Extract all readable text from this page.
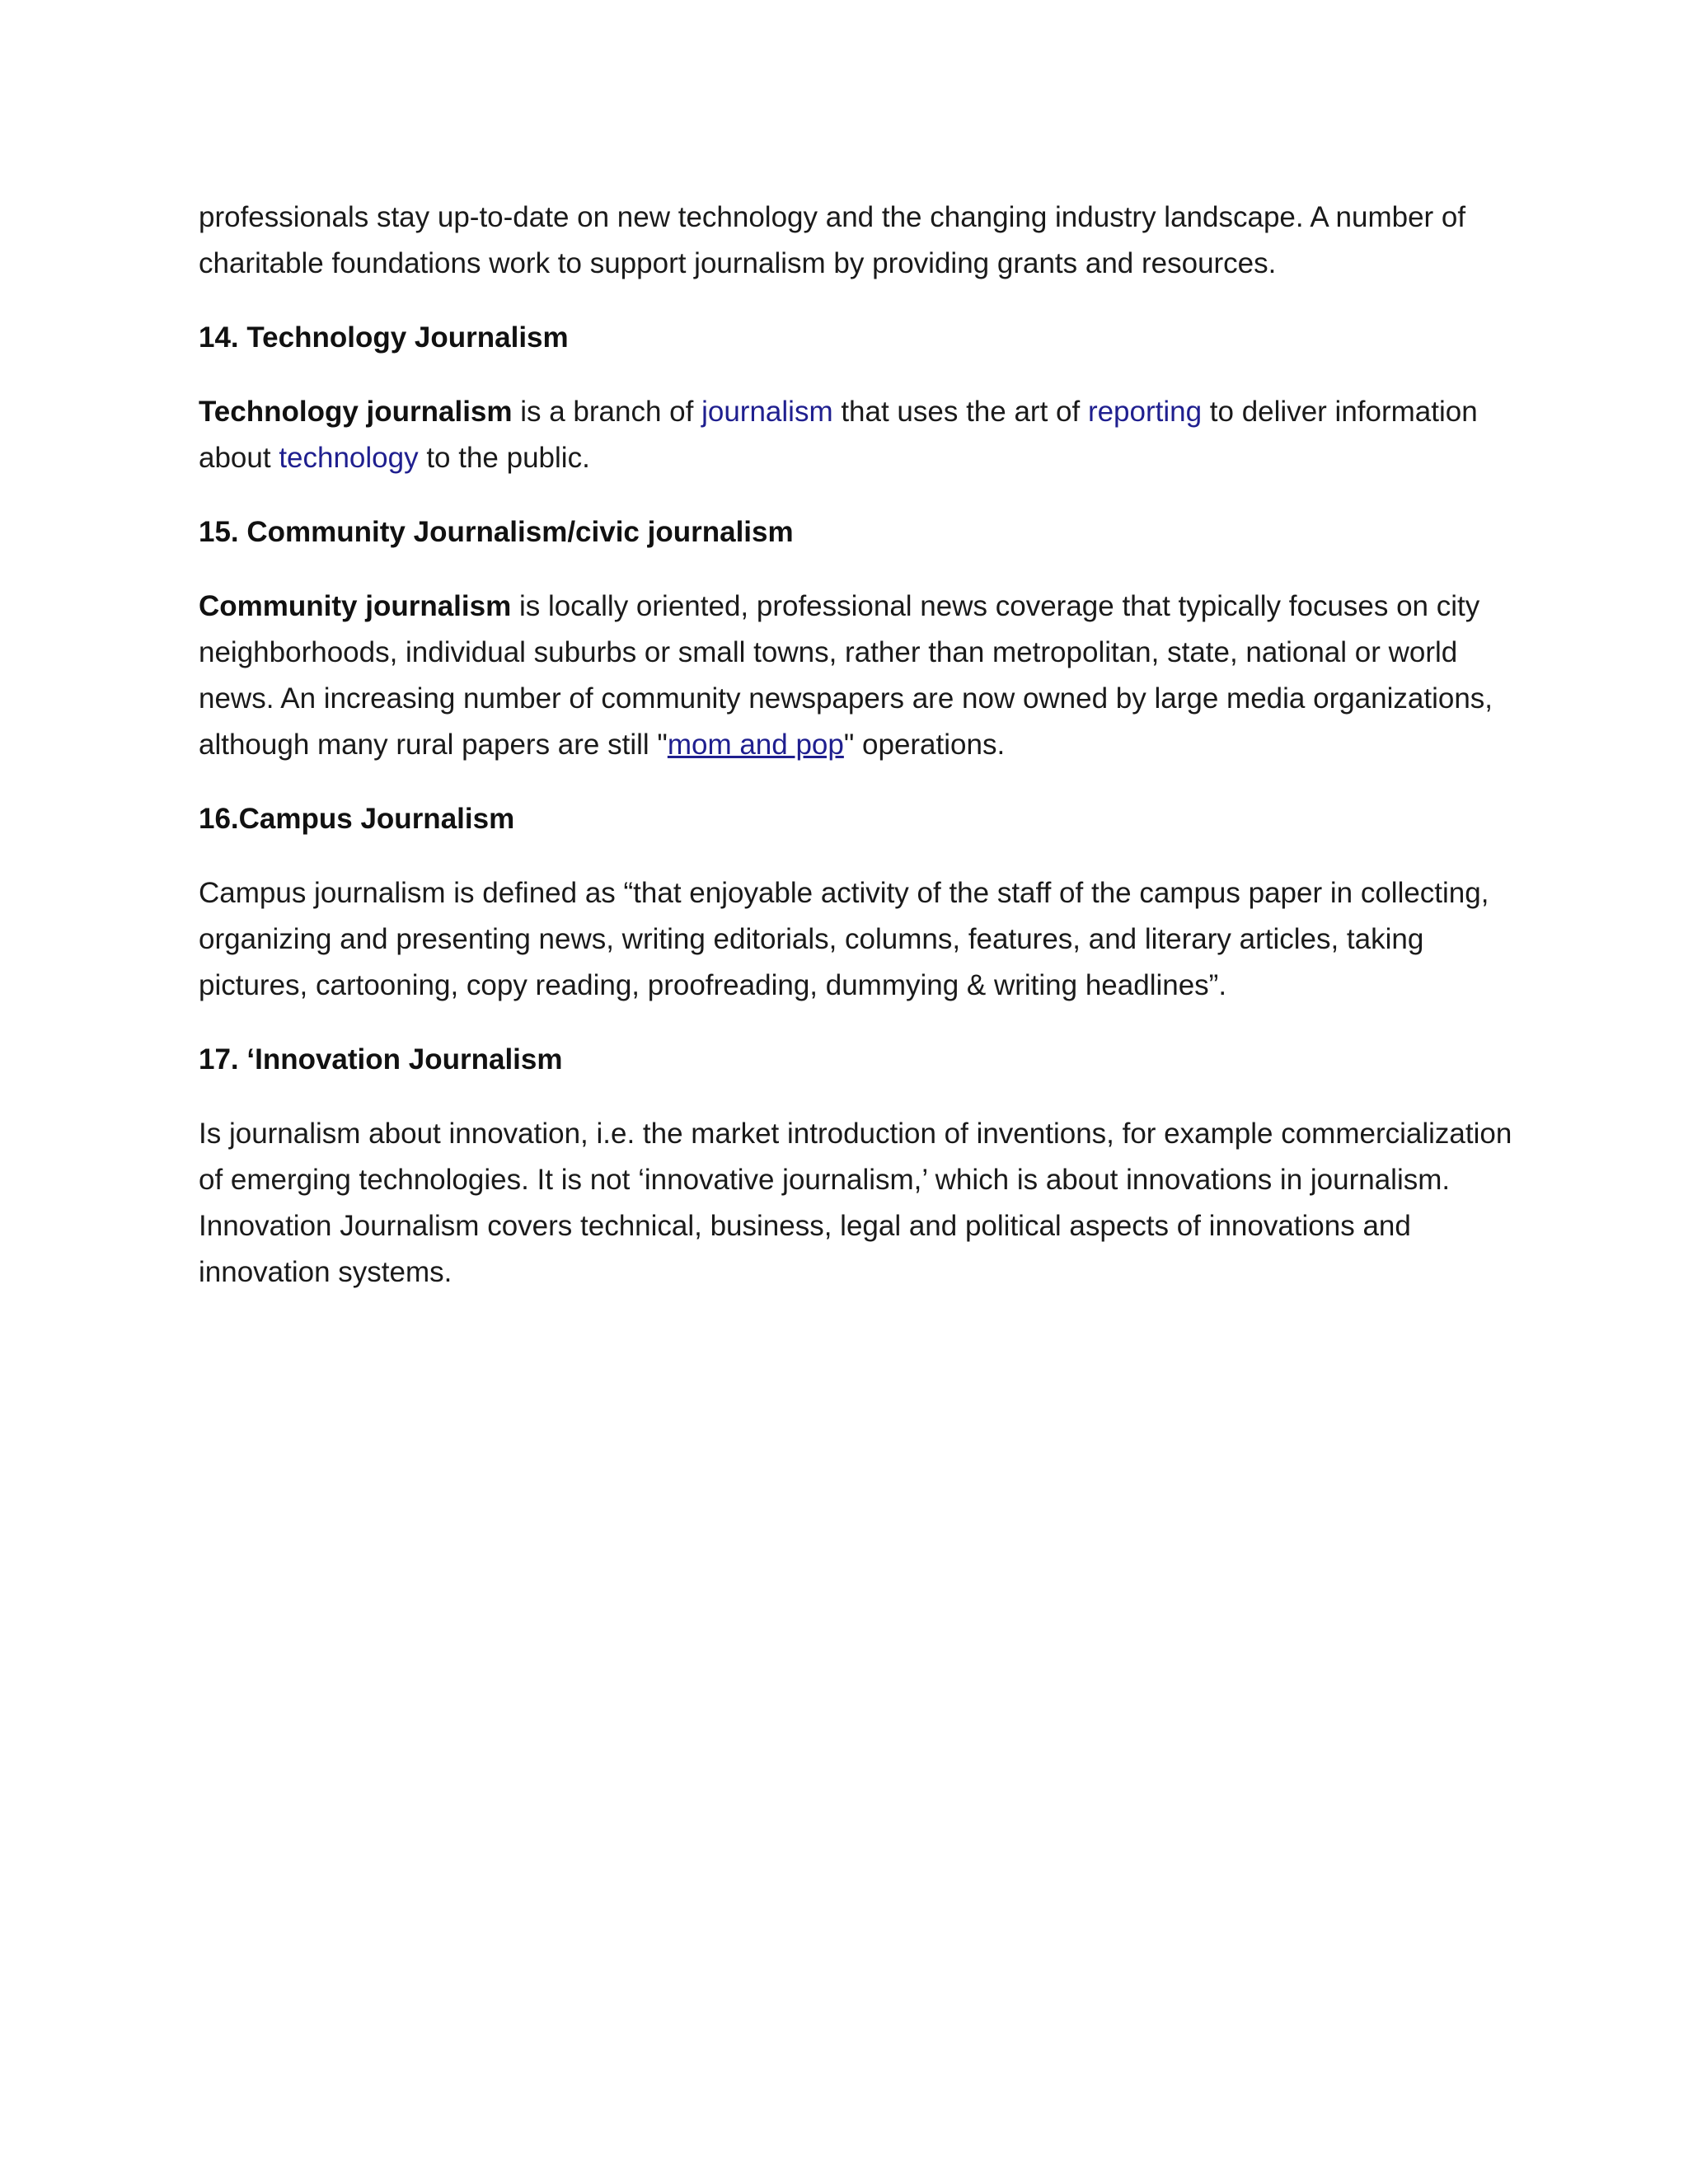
professionals stay up-to-date on new technology and the changing industry landscape. A number of charitable foundations work to support journalism by providing grants and resources.

14. Technology Journalism

Technology journalism is a branch of journalism that uses the art of reporting to deliver information about technology to the public.

15. Community Journalism/civic journalism

Community journalism is locally oriented, professional news coverage that typically focuses on city neighborhoods, individual suburbs or small towns, rather than metropolitan, state, national or world news. An increasing number of community newspapers are now owned by large media organizations, although many rural papers are still "mom and pop" operations.

16.Campus Journalism

Campus journalism is defined as “that enjoyable activity of the staff of the campus paper in collecting, organizing and presenting news, writing editorials, columns, features, and literary articles, taking pictures, cartooning, copy reading, proofreading, dummying & writing headlines”.

17. ‘Innovation Journalism

Is journalism about innovation, i.e. the market introduction of inventions, for example commercialization of emerging technologies. It is not ‘innovative journalism,’ which is about innovations in journalism. Innovation Journalism covers technical, business, legal and political aspects of innovations and innovation systems.
